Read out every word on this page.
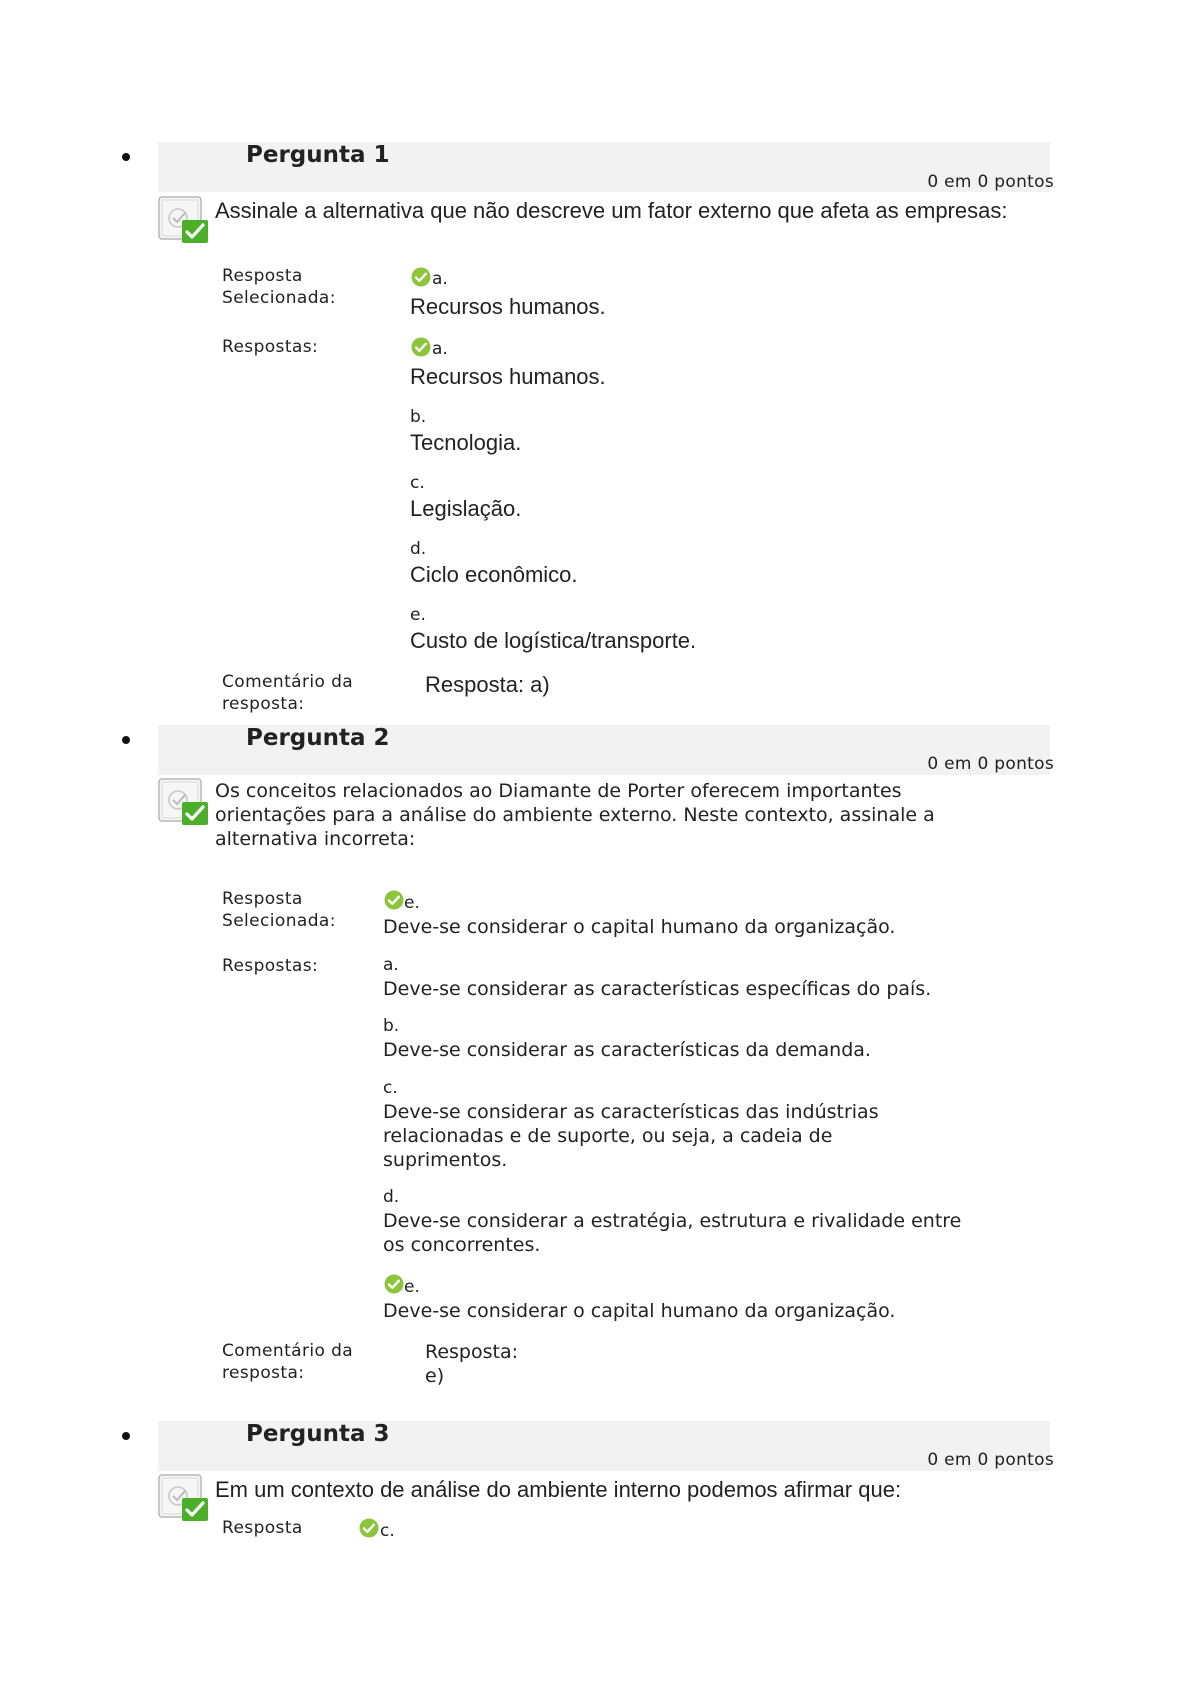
Pergunta 1
0 em 0 pontos
Assinale a alternativa que não descreve um fator externo que afeta as empresas:
Resposta Selecionada:
a.
Recursos humanos.
Respostas:	a.
Recursos humanos.
b.
Tecnologia.
c.
Legislação.
d.
Ciclo econômico.
e.
Custo de logística/transporte.
Comentário da resposta:
Resposta: a)
Pergunta 2
0 em 0 pontos
Os conceitos relacionados ao Diamante de Porter oferecem importantes orientações para a análise do ambiente externo. Neste contexto, assinale a alternativa incorreta:
Resposta Selecionada:
e.
Deve-se considerar o capital humano da organização.
Respostas:	a.
Deve-se considerar as características específicas do país.
b.
Deve-se considerar as características da demanda.
c.
Deve-se considerar as características das indústrias relacionadas e de suporte, ou seja, a cadeia de suprimentos.
d.
Deve-se considerar a estratégia, estrutura e rivalidade entre os concorrentes.
e.
Deve-se considerar o capital humano da organização.
Comentário da resposta:
Resposta:
e)
Pergunta 3
0 em 0 pontos
Em um contexto de análise do ambiente interno podemos afirmar que:
Resposta	c.
